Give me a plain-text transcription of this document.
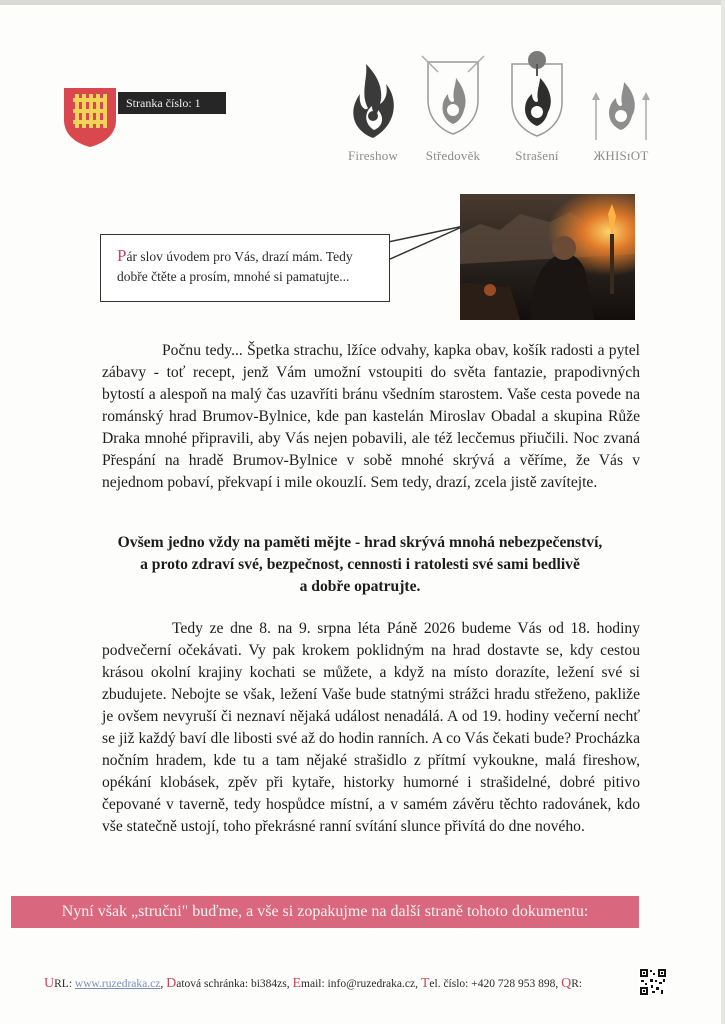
Stranka číslo: 1
Fireshow	Středověk	Strašení	ЖHISɪOT
Pár slov úvodem pro Vás, drazí mám. Tedy
dobře čtěte a prosím, mnohé si pamatujte...

Počnu tedy... Špetka strachu, lžíce odvahy, kapka obav, košík radosti a pytel zábavy - toť recept, jenž Vám umožní vstoupiti do světa fantazie, prapodivných bytostí a alespoň na malý čas uzavříti bránu všedním starostem. Vaše cesta povede na románský hrad Brumov-Bylnice, kde pan kastelán Miroslav Obadal a skupina Růže Draka mnohé připravili, aby Vás nejen pobavili, ale též lecčemus přiučili. Noc zvaná Přespání na hradě Brumov-Bylnice v sobě mnohé skrývá a věříme, že Vás v nejednom pobaví, překvapí i mile okouzlí. Sem tedy, drazí, zcela jistě zavítejte.

Ovšem jedno vždy na paměti mějte - hrad skrývá mnohá nebezpečenství,
a proto zdraví své, bezpečnost, cennosti i ratolesti své sami bedlivě
a dobře opatrujte.

Tedy ze dne 8. na 9. srpna léta Páně 2026 budeme Vás od 18. hodiny podvečerní očekávati. Vy pak krokem poklidným na hrad dostavte se, kdy cestou krásou okolní krajiny kochati se můžete, a když na místo dorazíte, ležení své si zbudujete. Nebojte se však, ležení Vaše bude statnými strážci hradu střeženo, pakliže je ovšem nevyruší či neznaví nějaká událost nenadálá. A od 19. hodiny večerní nechť se již každý baví dle libosti své až do hodin ranních. A co Vás čekati bude? Procházka nočním hradem, kde tu a tam nějaké strašidlo z přítmí vykoukne, malá fireshow, opékání klobásek, zpěv při kytaře, historky humorné i strašidelné, dobré pitivo čepované v taverně, tedy hospůdce místní, a v samém závěru těchto radovánek, kdo vše statečně ustojí, toho překrásné ranní svítání slunce přivítá do dne nového.

Nyní však „stručni" buďme, a vše si zopakujme na další straně tohoto dokumentu:
URL: www.ruzedraka.cz, Datová schránka: bi384zs, Email: info@ruzedraka.cz, Tel. číslo: +420 728 953 898, QR:
